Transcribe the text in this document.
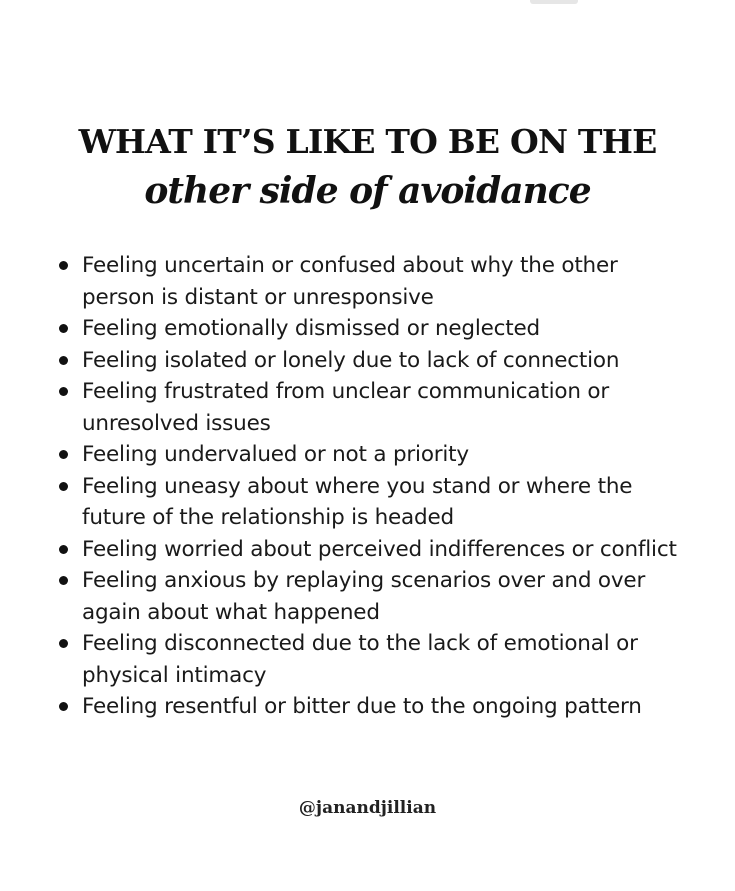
WHAT IT’S LIKE TO BE ON THE
other side of avoidance
Feeling uncertain or confused about why the other person is distant or unresponsive
Feeling emotionally dismissed or neglected
Feeling isolated or lonely due to lack of connection
Feeling frustrated from unclear communication or unresolved issues
Feeling undervalued or not a priority
Feeling uneasy about where you stand or where the future of the relationship is headed
Feeling worried about perceived indifferences or conflict
Feeling anxious by replaying scenarios over and over again about what happened
Feeling disconnected due to the lack of emotional or physical intimacy
Feeling resentful or bitter due to the ongoing pattern
@janandjillian
